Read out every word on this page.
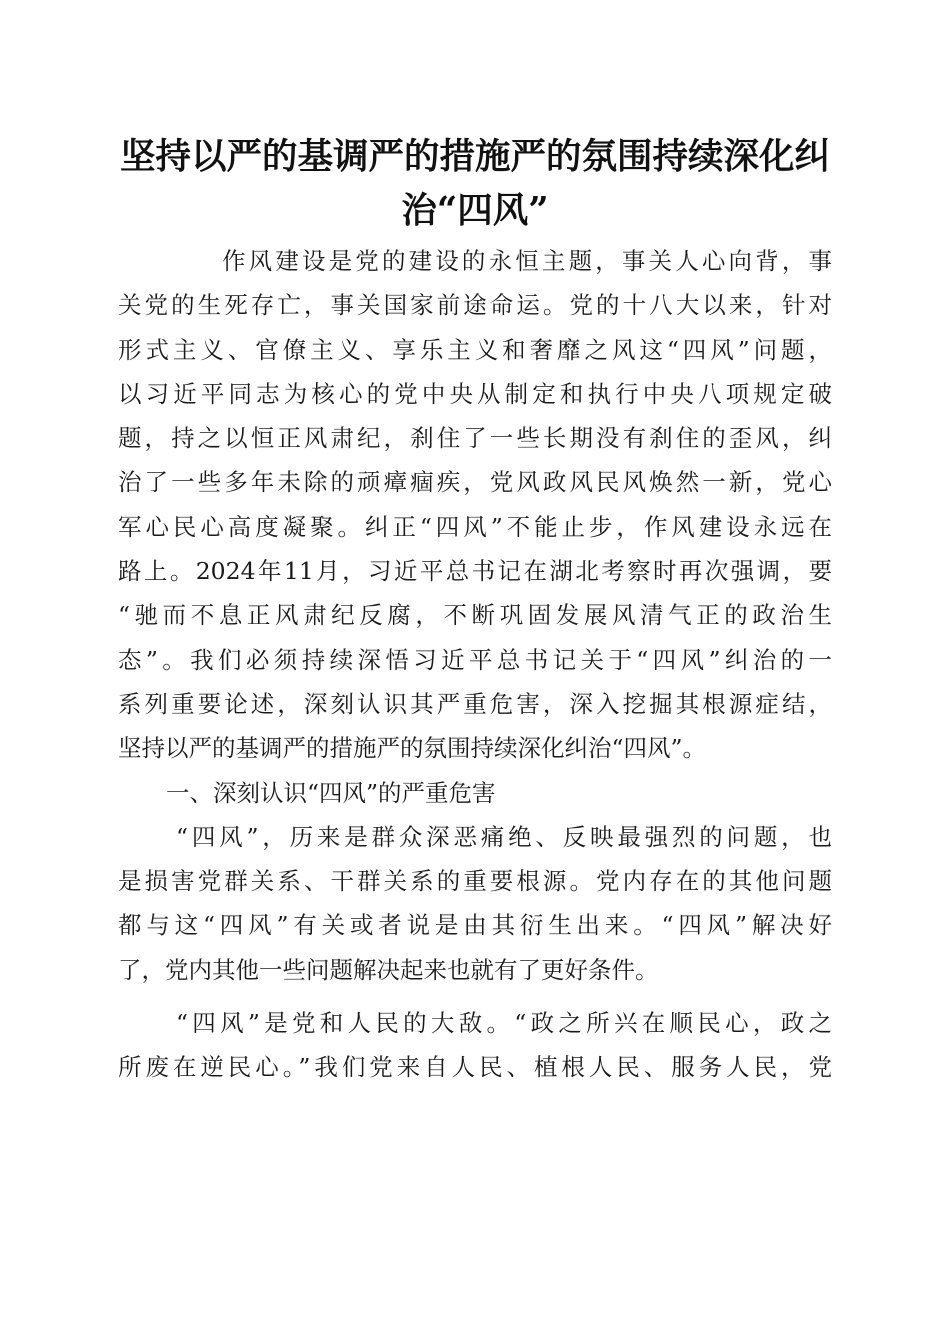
坚持以严的基调严的措施严的氛围持续深化纠
治“四风”
作风建设是党的建设的永恒主题，事关人心向背，事
关党的生死存亡，事关国家前途命运。党的十八大以来，针对
形式主义、官僚主义、享乐主义和奢靡之风这“四风”问题，
以习近平同志为核心的党中央从制定和执行中央八项规定破
题，持之以恒正风肃纪，刹住了一些长期没有刹住的歪风，纠
治了一些多年未除的顽瘴痼疾，党风政风民风焕然一新，党心
军心民心高度凝聚。纠正“四风”不能止步，作风建设永远在
路上。2024年11月，习近平总书记在湖北考察时再次强调，要
“驰而不息正风肃纪反腐，不断巩固发展风清气正的政治生
态”。我们必须持续深悟习近平总书记关于“四风”纠治的一
系列重要论述，深刻认识其严重危害，深入挖掘其根源症结，
坚持以严的基调严的措施严的氛围持续深化纠治“四风”。
一、深刻认识“四风”的严重危害
“四风”，历来是群众深恶痛绝、反映最强烈的问题，也
是损害党群关系、干群关系的重要根源。党内存在的其他问题
都与这“四风”有关或者说是由其衍生出来。“四风”解决好
了，党内其他一些问题解决起来也就有了更好条件。
“四风”是党和人民的大敌。“政之所兴在顺民心，政之
所废在逆民心。”我们党来自人民、植根人民、服务人民，党
